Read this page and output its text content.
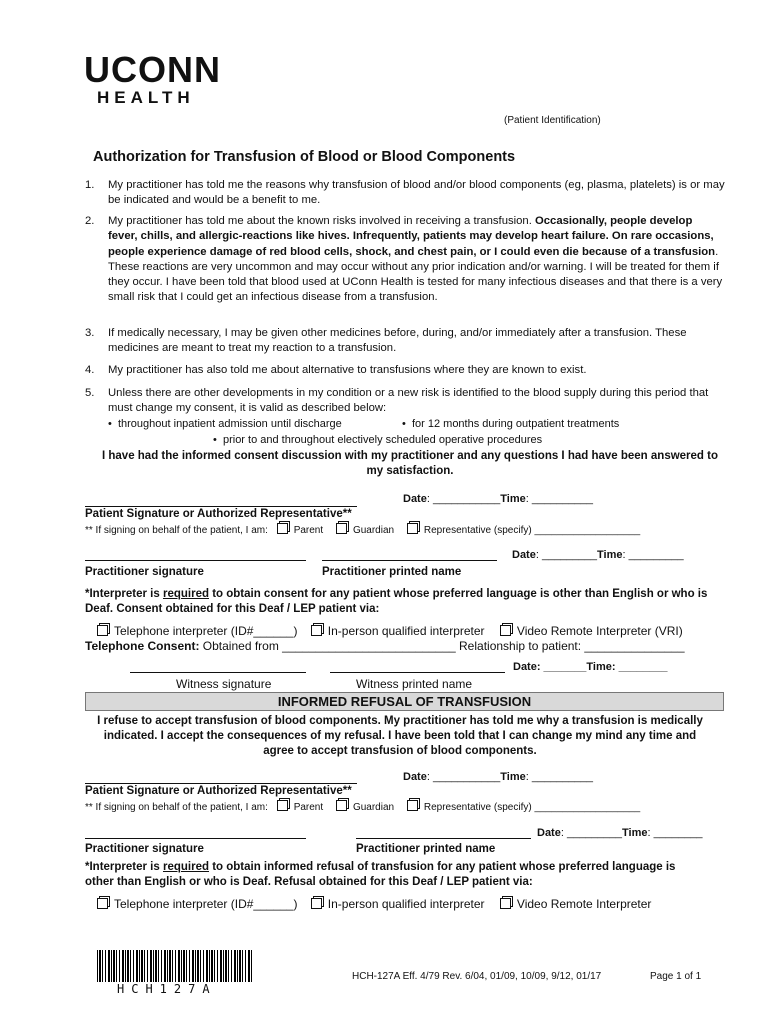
UCONN
HEALTH
(Patient Identification)
Authorization for Transfusion of Blood or Blood Components
1. My practitioner has told me the reasons why transfusion of blood and/or blood components (eg, plasma, platelets) is or may be indicated and would be a benefit to me.
2. My practitioner has told me about the known risks involved in receiving a transfusion. Occasionally, people develop fever, chills, and allergic-reactions like hives. Infrequently, patients may develop heart failure. On rare occasions, people experience damage of red blood cells, shock, and chest pain, or I could even die because of a transfusion. These reactions are very uncommon and may occur without any prior indication and/or warning. I will be treated for them if they occur. I have been told that blood used at UConn Health is tested for many infectious diseases and that there is a very small risk that I could get an infectious disease from a transfusion.
3. If medically necessary, I may be given other medicines before, during, and/or immediately after a transfusion. These medicines are meant to treat my reaction to a transfusion.
4. My practitioner has also told me about alternative to transfusions where they are known to exist.
5. Unless there are other developments in my condition or a new risk is identified to the blood supply during this period that must change my consent, it is valid as described below:
•  throughout inpatient admission until discharge	•  for 12 months during outpatient treatments
•  prior to and throughout electively scheduled operative procedures
I have had the informed consent discussion with my practitioner and any questions I had have been answered to my satisfaction.
Date: ___________Time: __________
Patient Signature or Authorized Representative**
** If signing on behalf of the patient, I am:	Parent	Guardian	Representative (specify) ___________________
Date: _________Time: _________
Practitioner signature	Practitioner printed name
*Interpreter is required to obtain consent for any patient whose preferred language is other than English or who is Deaf. Consent obtained for this Deaf / LEP patient via:
Telephone interpreter (ID#______)	In-person qualified interpreter	Video Remote Interpreter (VRI)
Telephone Consent: Obtained from __________________________ Relationship to patient: _______________
Date: _______Time: ________
Witness signature	Witness printed name
INFORMED REFUSAL OF TRANSFUSION
I refuse to accept transfusion of blood components. My practitioner has told me why a transfusion is medically indicated. I accept the consequences of my refusal. I have been told that I can change my mind any time and agree to accept transfusion of blood components.
Date: ___________Time: __________
Patient Signature or Authorized Representative**
** If signing on behalf of the patient, I am:	Parent	Guardian	Representative (specify) ___________________
Date: _________Time: ________
Practitioner signature	Practitioner printed name
*Interpreter is required to obtain informed refusal of transfusion for any patient whose preferred language is other than English or who is Deaf. Refusal obtained for this Deaf / LEP patient via:
Telephone interpreter (ID#______)	In-person qualified interpreter	Video Remote Interpreter
HCH127A
HCH-127A Eff. 4/79 Rev. 6/04, 01/09, 10/09, 9/12, 01/17	Page 1 of 1
